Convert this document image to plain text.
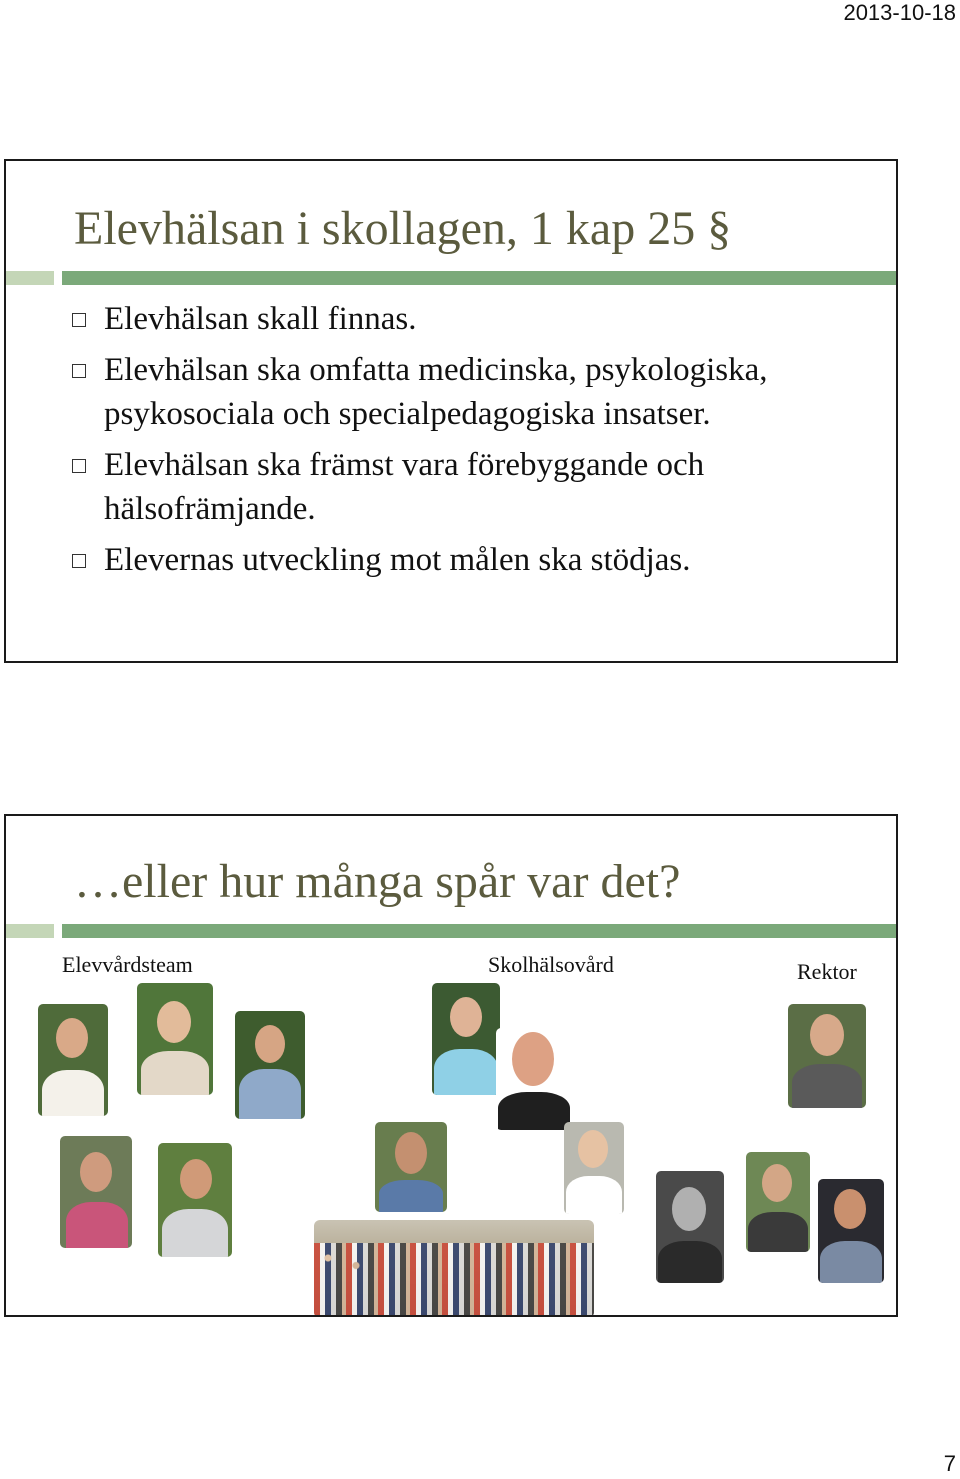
2013-10-18
Elevhälsan i skollagen, 1 kap 25 §
Elevhälsan skall finnas.
Elevhälsan ska omfatta medicinska, psykologiska, psykosociala och specialpedagogiska insatser.
Elevhälsan ska främst vara förebyggande och hälsofrämjande.
Elevernas utveckling mot målen ska stödjas.
…eller hur många spår var det?
Elevvårdsteam	Skolhälsovård	Rektor
7
